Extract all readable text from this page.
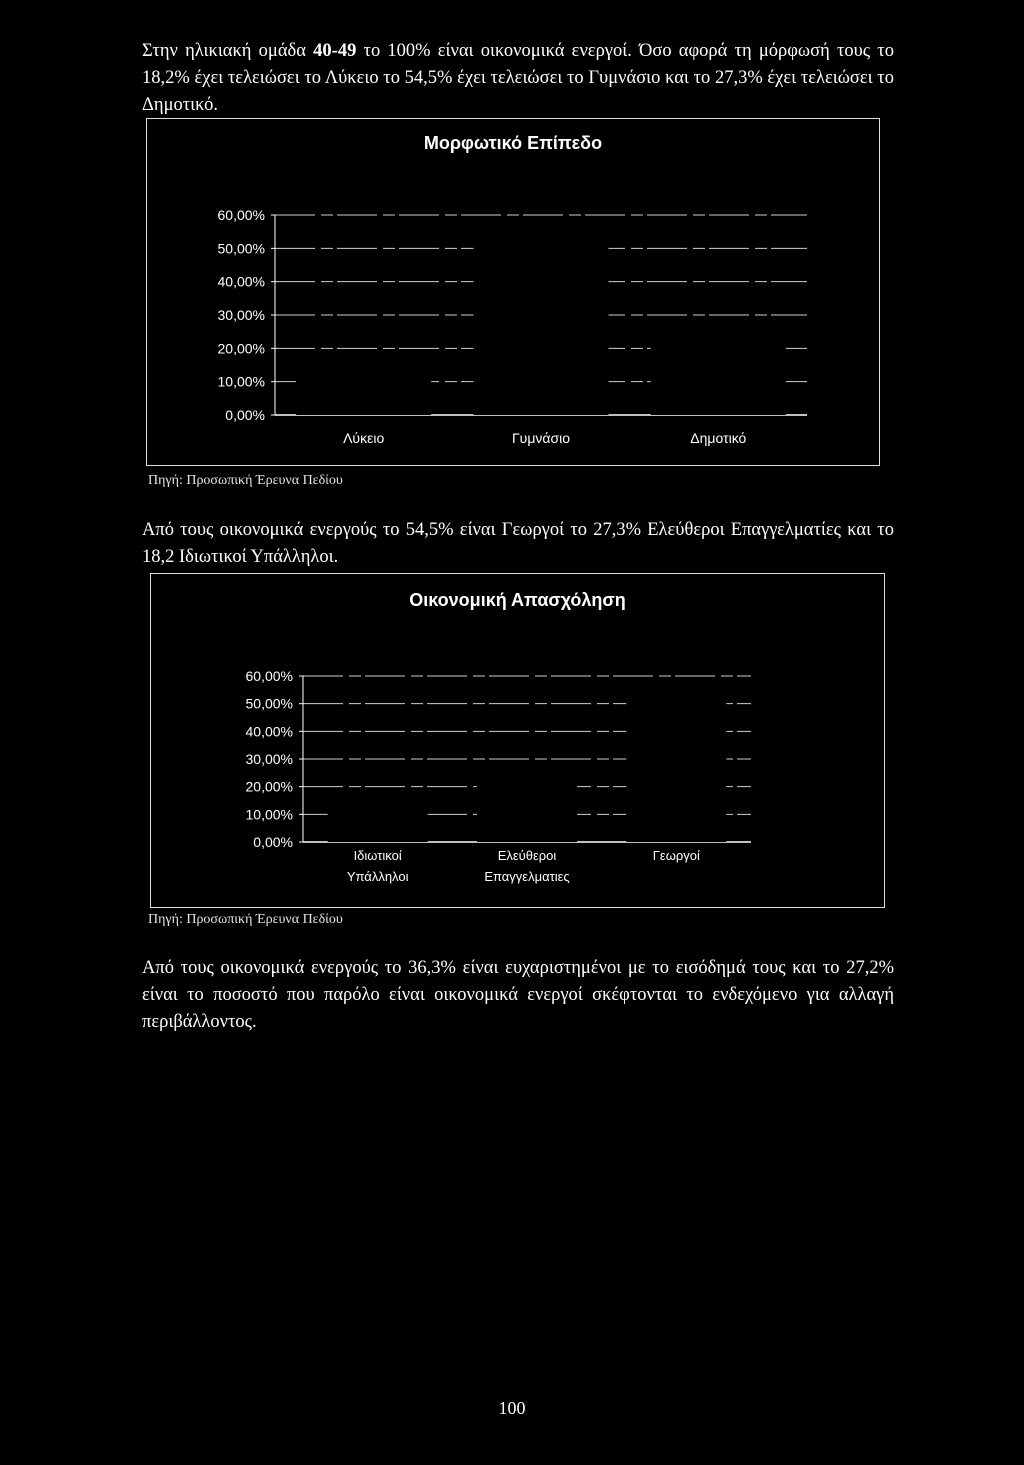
Στην ηλικιακή ομάδα 40-49 το 100% είναι οικονομικά ενεργοί. Όσο αφορά τη μόρφωσή τους το 18,2% έχει τελειώσει το Λύκειο το 54,5% έχει τελειώσει το Γυμνάσιο και το 27,3% έχει τελειώσει το Δημοτικό.

Μορφωτικό Επίπεδο
60,00%
50,00%
40,00%
30,00%
20,00%
10,00%
0,00%
Λύκειο	Γυμνάσιο	Δημοτικό
Πηγή: Προσωπική Έρευνα Πεδίου

Από τους οικονομικά ενεργούς το 54,5% είναι Γεωργοί το 27,3% Ελεύθεροι Επαγγελματίες και το 18,2 Ιδιωτικοί Υπάλληλοι.

Οικονομική Απασχόληση
60,00%
50,00%
40,00%
30,00%
20,00%
10,00%
0,00%
Ιδιωτικοί
Υπάλληλοι
Ελεύθεροι
Επαγγελματιες
Γεωργοί
Πηγή: Προσωπική Έρευνα Πεδίου

Από τους οικονομικά ενεργούς το 36,3% είναι ευχαριστημένοι με το εισόδημά τους και το 27,2% είναι το ποσοστό που παρόλο είναι οικονομικά ενεργοί σκέφτονται το ενδεχόμενο για αλλαγή περιβάλλοντος.

100
